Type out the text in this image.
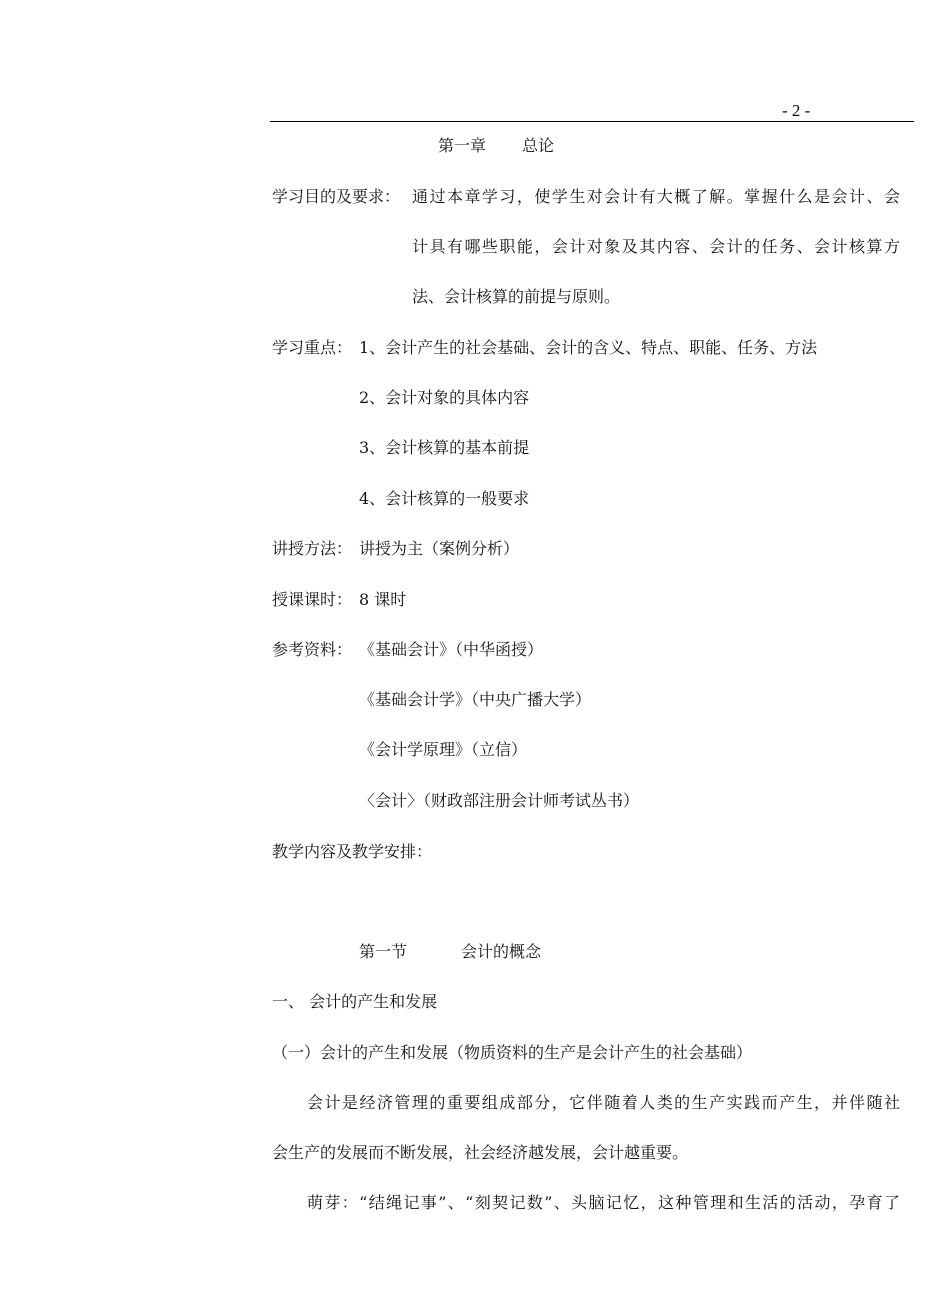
- 2 -
第一章 总论
学习目的及要求： 通过本章学习，使学生对会计有大概了解。掌握什么是会计、会
计具有哪些职能，会计对象及其内容、会计的任务、会计核算方
法、会计核算的前提与原则。
学习重点： 1、会计产生的社会基础、会计的含义、特点、职能、任务、方法
2、会计对象的具体内容
3、会计核算的基本前提
4、会计核算的一般要求
讲授方法： 讲授为主（案例分析）
授课课时： 8 课时
参考资料： 《基础会计》（中华函授）
《基础会计学》（中央广播大学）
《会计学原理》（立信）
〈会计〉（财政部注册会计师考试丛书）
教学内容及教学安排：
第一节	会计的概念
一、 会计的产生和发展
（一）会计的产生和发展（物质资料的生产是会计产生的社会基础）
会计是经济管理的重要组成部分，它伴随着人类的生产实践而产生，并伴随社
会生产的发展而不断发展，社会经济越发展，会计越重要。
萌芽：“结绳记事”、“刻契记数”、头脑记忆，这种管理和生活的活动，孕育了
